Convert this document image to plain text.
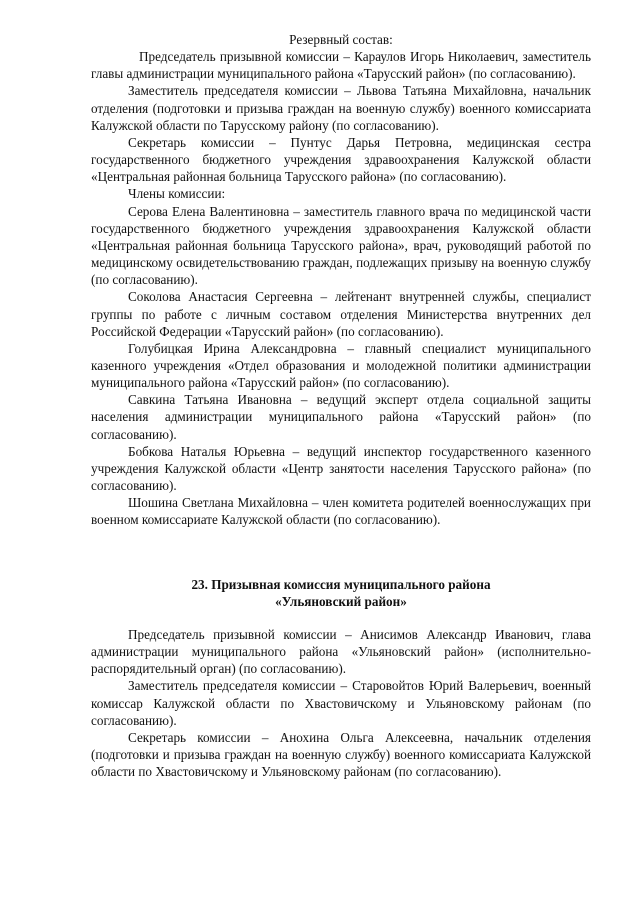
Резервный состав:

Председатель призывной комиссии – Караулов Игорь Николаевич, заместитель главы администрации муниципального района «Тарусский район» (по согласованию).

Заместитель председателя комиссии – Львова Татьяна Михайловна, начальник отделения (подготовки и призыва граждан на военную службу) военного комиссариата Калужской области по Тарусскому району (по согласованию).

Секретарь комиссии – Пунтус Дарья Петровна, медицинская сестра государственного бюджетного учреждения здравоохранения Калужской области «Центральная районная больница Тарусского района» (по согласованию).

Члены комиссии:

Серова Елена Валентиновна – заместитель главного врача по медицинской части государственного бюджетного учреждения здравоохранения Калужской области «Центральная районная больница Тарусского района», врач, руководящий работой по медицинскому освидетельствованию граждан, подлежащих призыву на военную службу (по согласованию).

Соколова Анастасия Сергеевна – лейтенант внутренней службы, специалист группы по работе с личным составом отделения Министерства внутренних дел Российской Федерации «Тарусский район» (по согласованию).

Голубицкая Ирина Александровна – главный специалист муниципального казенного учреждения «Отдел образования и молодежной политики администрации муниципального района «Тарусский район» (по согласованию).

Савкина Татьяна Ивановна – ведущий эксперт отдела социальной защиты населения администрации муниципального района «Тарусский район» (по согласованию).

Бобкова Наталья Юрьевна – ведущий инспектор государственного казенного учреждения Калужской области «Центр занятости населения Тарусского района» (по согласованию).

Шошина Светлана Михайловна – член комитета родителей военнослужащих при военном комиссариате Калужской области (по согласованию).

23. Призывная комиссия муниципального района

«Ульяновский район»

Председатель призывной комиссии – Анисимов Александр Иванович, глава администрации муниципального района «Ульяновский район» (исполнительно-распорядительный орган) (по согласованию).

Заместитель председателя комиссии – Старовойтов Юрий Валерьевич, военный комиссар Калужской области по Хвастовичскому и Ульяновскому районам (по согласованию).

Секретарь комиссии – Анохина Ольга Алексеевна, начальник отделения (подготовки и призыва граждан на военную службу) военного комиссариата Калужской области по Хвастовичскому и Ульяновскому районам (по согласованию).
